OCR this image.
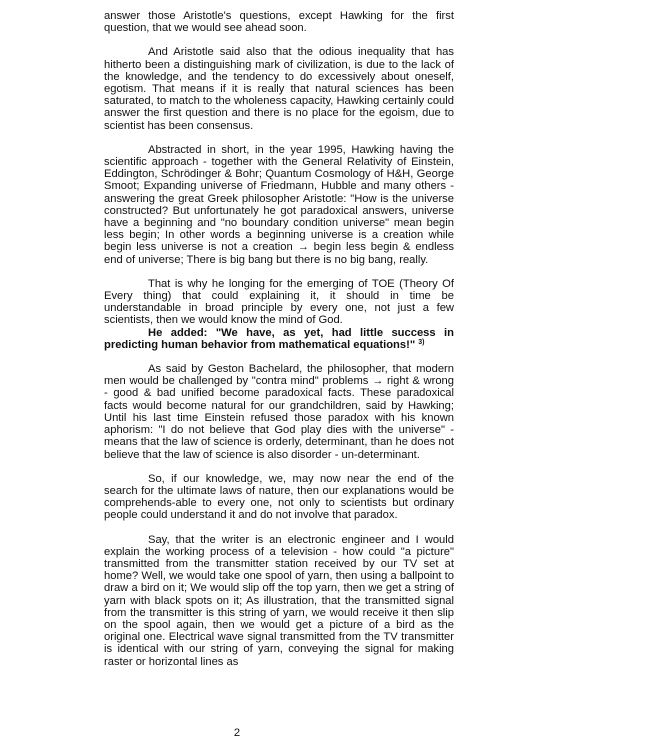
answer those Aristotle's questions, except Hawking for the first question, that we would see ahead soon.

And Aristotle said also that the odious inequality that has hitherto been a distinguishing mark of civilization, is due to the lack of the knowledge, and the tendency to do excessively about oneself, egotism. That means if it is really that natural sciences has been saturated, to match to the wholeness capacity, Hawking certainly could answer the first question and there is no place for the egoism, due to scientist has been consensus.

Abstracted in short, in the year 1995, Hawking having the scientific approach - together with the General Relativity of Einstein, Eddington, Schrödinger & Bohr; Quantum Cosmology of H&H, George Smoot; Expanding universe of Friedmann, Hubble and many others - answering the great Greek philosopher Aristotle: "How is the universe constructed? But unfortunately he got paradoxical answers, universe have a beginning and "no boundary condition universe" mean begin less begin; In other words a beginning universe is a creation while begin less universe is not a creation → begin less begin & endless end of universe; There is big bang but there is no big bang, really.

That is why he longing for the emerging of TOE (Theory Of Every thing) that could explaining it, it should in time be understandable in broad principle by every one, not just a few scientists, then we would know the mind of God.
He added: "We have, as yet, had little success in predicting human behavior from mathematical equations!" $^{3)}$

As said by Geston Bachelard, the philosopher, that modern men would be challenged by "contra mind" problems → right & wrong - good & bad unified become paradoxical facts. These paradoxical facts would become natural for our grandchildren, said by Hawking; Until his last time Einstein refused those paradox with his known aphorism: "I do not believe that God play dies with the universe" - means that the law of science is orderly, determinant, than he does not believe that the law of science is also disorder - un-determinant.

So, if our knowledge, we, may now near the end of the search for the ultimate laws of nature, then our explanations would be comprehends-able to every one, not only to scientists but ordinary people could understand it and do not involve that paradox.

Say, that the writer is an electronic engineer and I would explain the working process of a television - how could "a picture" transmitted from the transmitter station received by our TV set at home? Well, we would take one spool of yarn, then using a ballpoint to draw a bird on it; We would slip off the top yarn, then we get a string of yarn with black spots on it; As illustration, that the transmitted signal from the transmitter is this string of yarn, we would receive it then slip on the spool again, then we would get a picture of a bird as the original one. Electrical wave signal transmitted from the TV transmitter is identical with our string of yarn, conveying the signal for making raster or horizontal lines as

2
